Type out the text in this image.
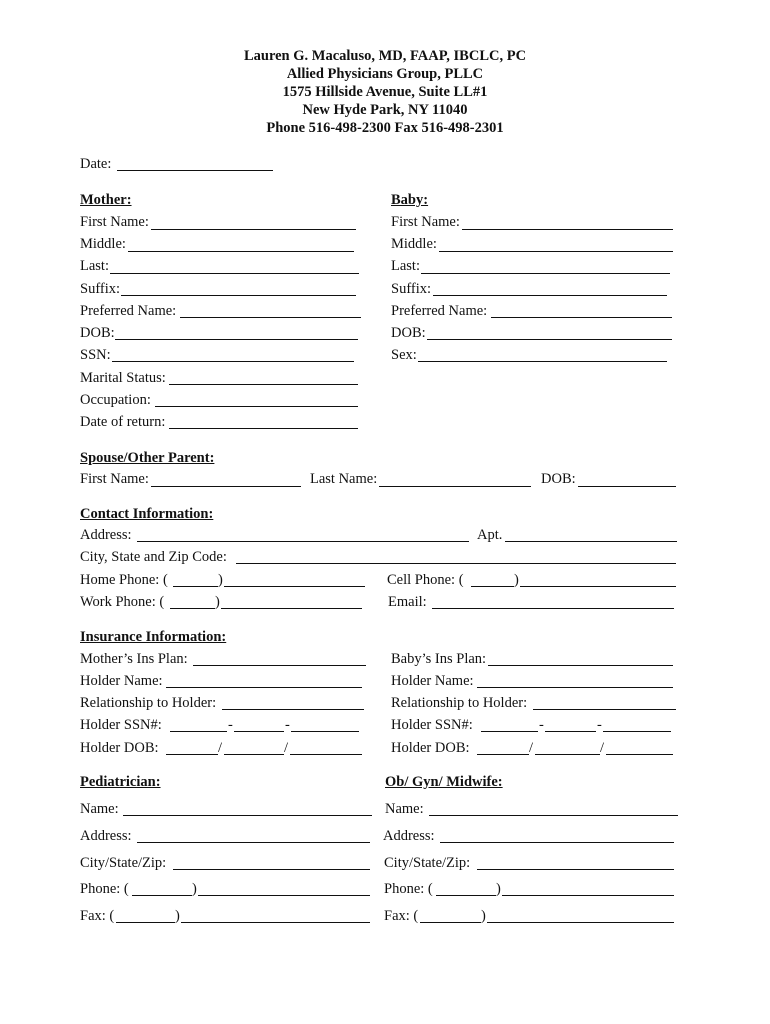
Lauren G. Macaluso, MD, FAAP, IBCLC, PC
Allied Physicians Group, PLLC
1575 Hillside Avenue, Suite LL#1
New Hyde Park, NY 11040
Phone 516-498-2300 Fax 516-498-2301
Date:
Mother:
First Name:
Middle:
Last:
Suffix:
Preferred Name:
DOB:
SSN:
Marital Status:
Occupation:
Date of return:
Baby:
First Name:
Middle:
Last:
Suffix:
Preferred Name:
DOB:
Sex:
Spouse/Other Parent:
First Name:	Last Name:	DOB:
Contact Information:
Address:	Apt.
City, State and Zip Code:
Home Phone: (	)	Cell Phone: (	)
Work Phone: (	)	Email:
Insurance Information:
Mother’s Ins Plan:	Baby’s Ins Plan:
Holder Name:	Holder Name:
Relationship to Holder:	Relationship to Holder:
Holder SSN#:	-	-	Holder SSN#:	-	-
Holder DOB:	/	/	Holder DOB:	/	/
Pediatrician:
Name:
Address:
City/State/Zip:
Phone: (	)
Fax: (	)
Ob/ Gyn/ Midwife:
Name:
Address:
City/State/Zip:
Phone: (	)
Fax: (	)
